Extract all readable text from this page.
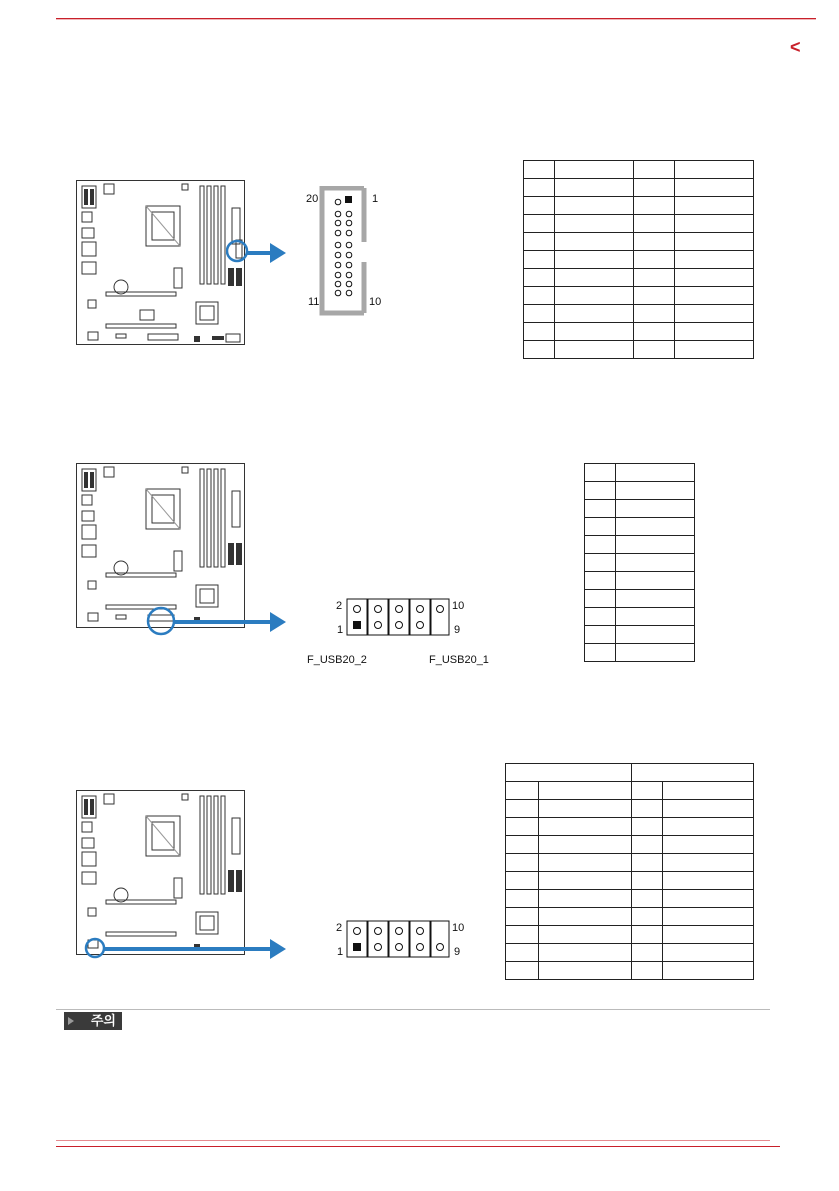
<
20	1
11	10

2	10
1	9
F_USB20_2	F_USB20_1

2	10
1	9

주의
